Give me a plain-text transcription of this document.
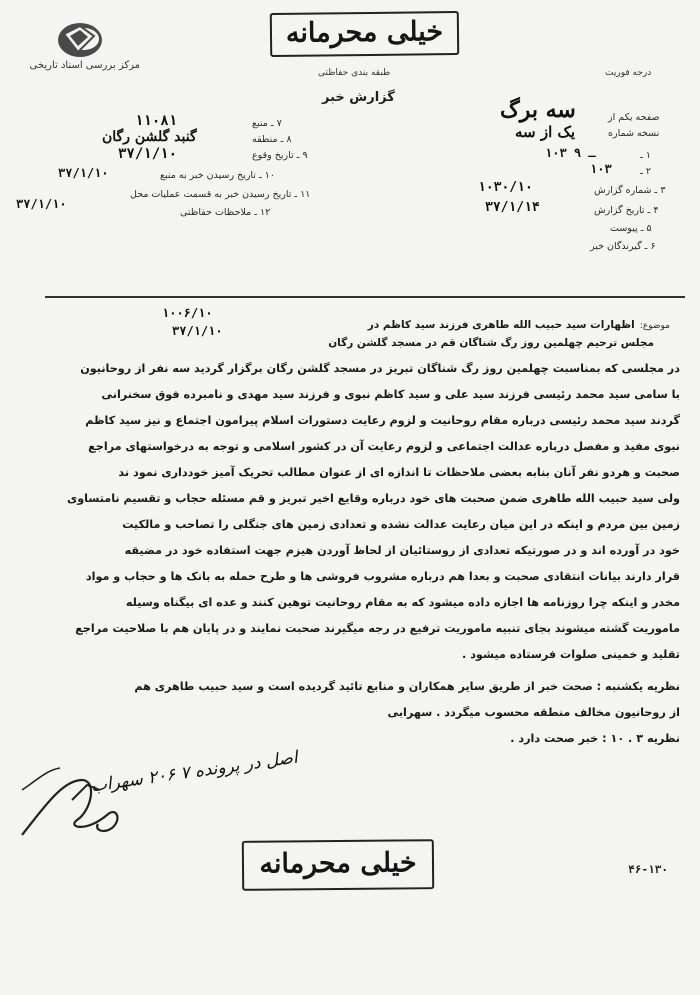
مرکز بررسی اسناد تاریخی
خیلی محرمانه
طبقه بندی حفاظتی
گزارش خبر
درجه فوریت
۷ ـ منبع
۱۱۰۸۱
۸ ـ منطقه
گنبد گلشن رگان
۹ ـ تاریخ وقوع
۳۷/۱/۱۰
۱۰ ـ تاریخ رسیدن خبر به منبع
۳۷/۱/۱۰
۱۱ ـ تاریخ رسیدن خبر به قسمت عملیات محل
۳۷/۱/۱۰
۱۲ ـ ملاحظات حفاظتی
صفحه یکم از
سه برگ
نسخه شماره
یک از سه
۱ ـ
۱۰۳ ـ ۹
۲ ـ
۱۰۳
۳ ـ شماره گزارش
۱۰۳۰/۱۰
۴ ـ تاریخ گزارش
۳۷/۱/۱۴
۵ ـ پیوست
۶ ـ گیرندگان خبر
۱۰۰۶/۱۰
۳۷/۱/۱۰	موضوع: اظهارات سید حبیب الله طاهری فرزند سید کاظم در
مجلس ترحیم چهلمین روز رگ شناگان قم در مسجد گلشن رگان
در مجلسی که بمناسبت چهلمین روز رگ شناگان تبریز در مسجد گلشن رگان برگزار گردید سه نفر از روحانیون
با سامی سید محمد رئیسی فرزند سید علی و سید کاظم نبوی و فرزند سید مهدی و نامبرده فوق سخنرانی
گردند سید محمد رئیسی درباره مقام روحانیت و لزوم رعایت دستورات اسلام پیرامون اجتماع و نیز سید کاظم
نبوی مفید و مفصل درباره عدالت اجتماعی و لزوم رعایت آن در کشور اسلامی و توجه به درخواستهای مراجع
صحبت و هردو نفر آنان بنابه بعضی ملاحظات تا اندازه ای از عنوان مطالب تحریک آمیز خودداری نمود ند
ولی سید حبیب الله طاهری ضمن صحبت های خود درباره وقایع اخیر تبریز و قم مسئله حجاب و تقسیم نامتساوی
زمین بین مردم و اینکه در این میان رعایت عدالت نشده و تعدادی زمین های جنگلی را تصاحب و مالکیت
خود در آورده اند و در صورتیکه تعدادی از روستائیان از لحاظ آوردن هیزم جهت استفاده خود در مضیقه
قرار دارند بیانات انتقادی صحبت و بعدا هم درباره مشروب فروشی ها و طرح حمله به بانک ها و حجاب و مواد
مخدر و اینکه چرا روزنامه ها اجازه داده میشود که به مقام روحانیت توهین کنند و عده ای بیگناه وسیله
ماموریت گشته میشوند بجای تنبیه ماموریت ترفیع در رجه میگیرند صحبت نمایند و در پایان هم با صلاحیت مراجع
تقلید و خمینی صلوات فرستاده میشود .
نظریه یکشنبه : صحت خبر از طریق سایر همکاران و منابع تائید گردیده است و سید حبیب طاهری هم
از روحانیون مخالف منطقه محسوب میگردد . سهرابی
نظریه ۳ . ۱۰ : خبر صحت دارد .
اصل در پرونده ۷ ۲۰۶ سهراب
خیلی محرمانه	۴۶-۱۳۰
